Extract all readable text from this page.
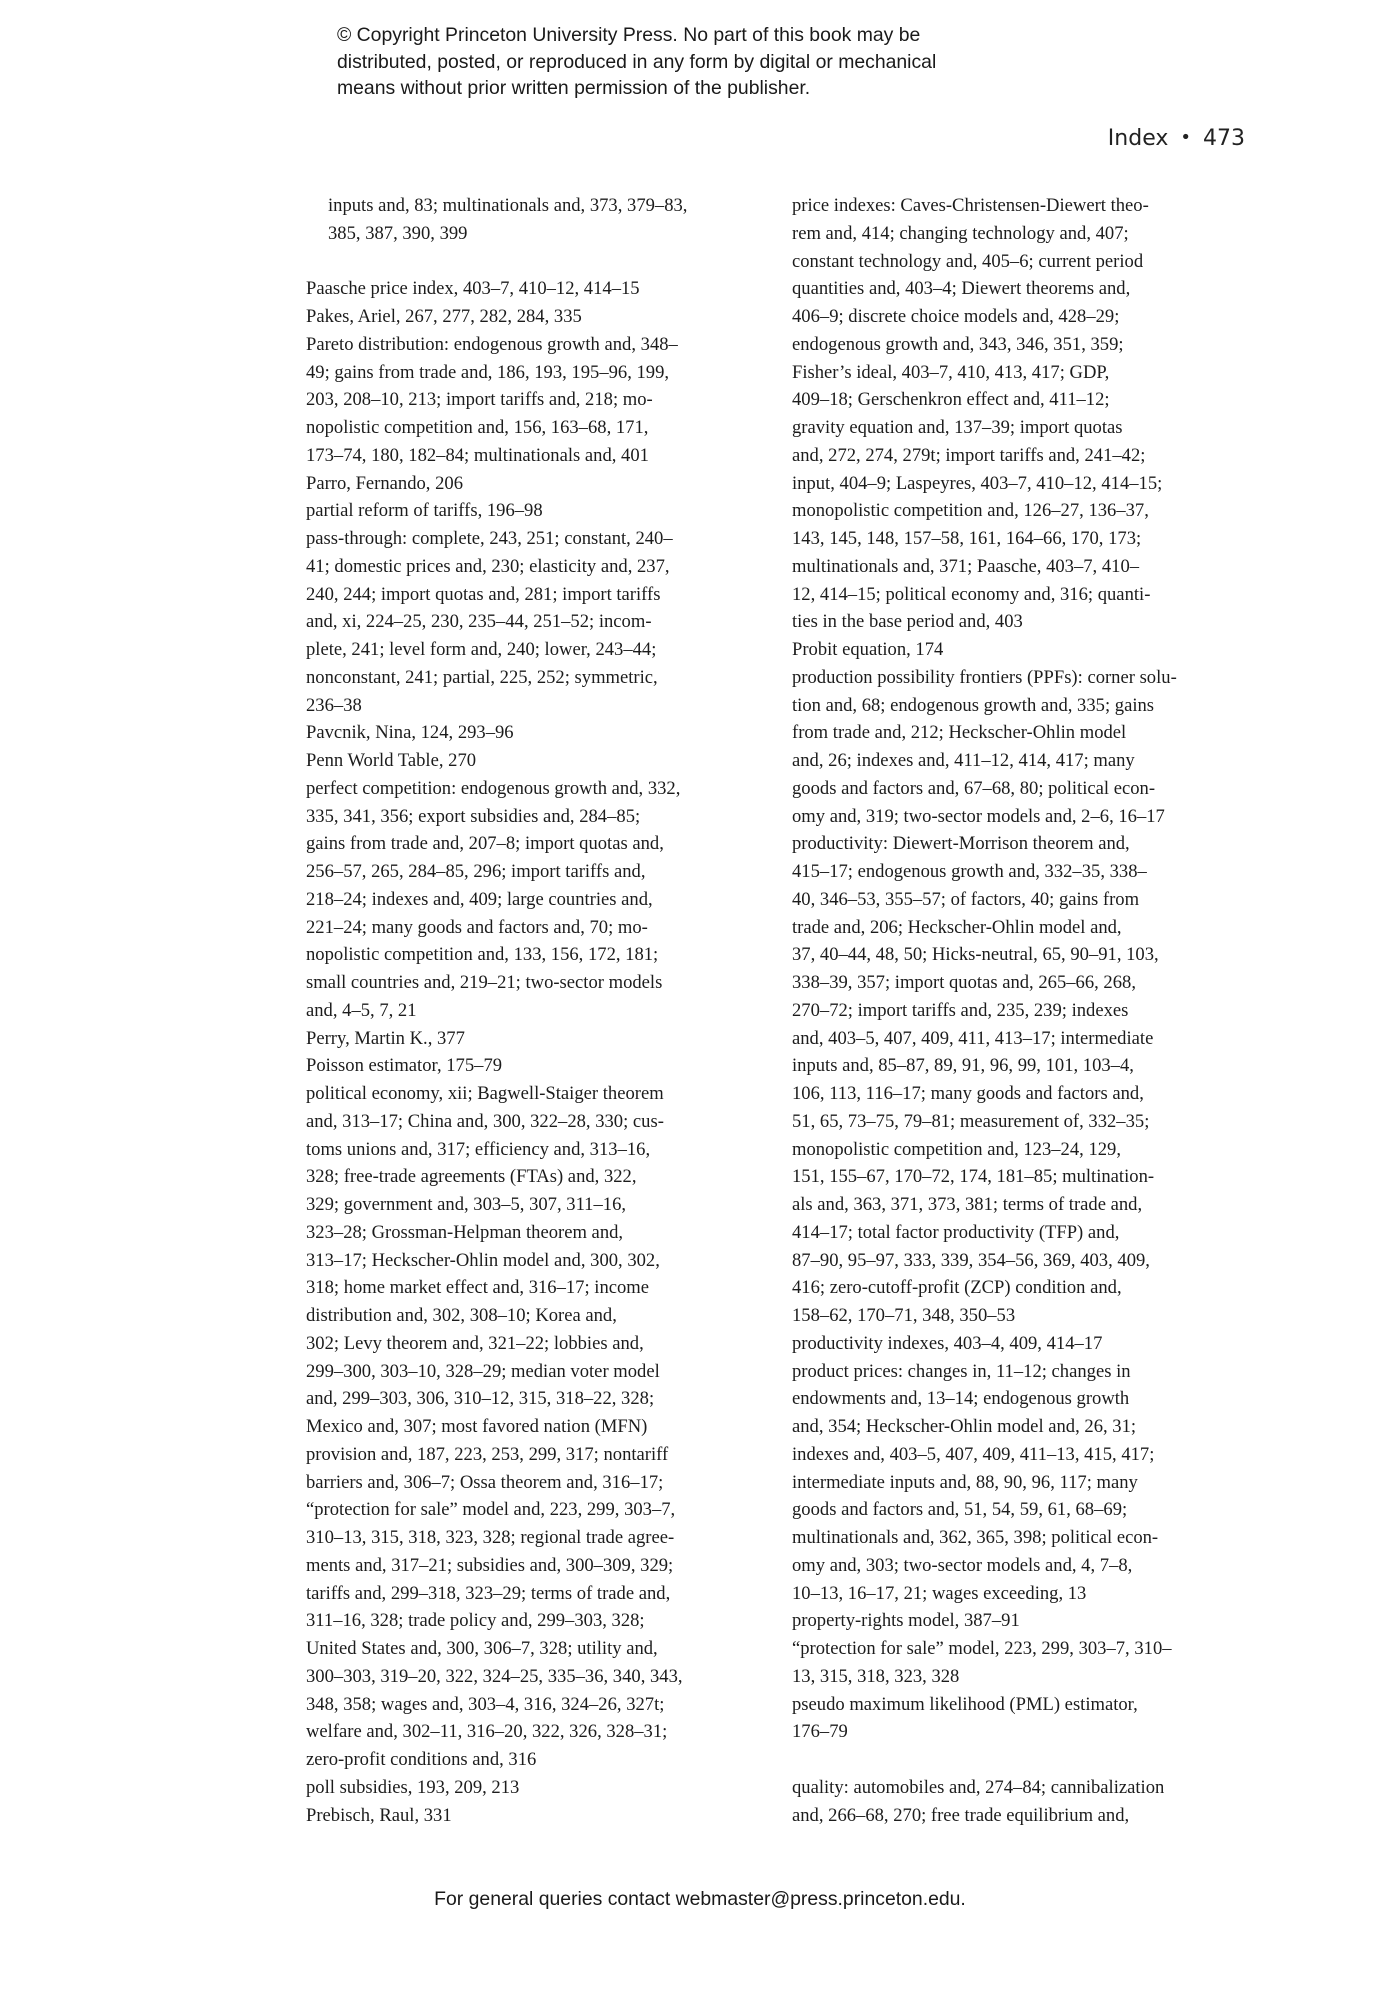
© Copyright Princeton University Press. No part of this book may be
distributed, posted, or reproduced in any form by digital or mechanical
means without prior written permission of the publisher.
Index • 473
inputs and, 83; multinationals and, 373, 379–83,
385, 387, 390, 399
Paasche price index, 403–7, 410–12, 414–15
Pakes, Ariel, 267, 277, 282, 284, 335
Pareto distribution: endogenous growth and, 348–
49; gains from trade and, 186, 193, 195–96, 199,
203, 208–10, 213; import tariffs and, 218; mo-
nopolistic competition and, 156, 163–68, 171,
173–74, 180, 182–84; multinationals and, 401
Parro, Fernando, 206
partial reform of tariffs, 196–98
pass-through: complete, 243, 251; constant, 240–
41; domestic prices and, 230; elasticity and, 237,
240, 244; import quotas and, 281; import tariffs
and, xi, 224–25, 230, 235–44, 251–52; incom-
plete, 241; level form and, 240; lower, 243–44;
nonconstant, 241; partial, 225, 252; symmetric,
236–38
Pavcnik, Nina, 124, 293–96
Penn World Table, 270
perfect competition: endogenous growth and, 332,
335, 341, 356; export subsidies and, 284–85;
gains from trade and, 207–8; import quotas and,
256–57, 265, 284–85, 296; import tariffs and,
218–24; indexes and, 409; large countries and,
221–24; many goods and factors and, 70; mo-
nopolistic competition and, 133, 156, 172, 181;
small countries and, 219–21; two-sector models
and, 4–5, 7, 21
Perry, Martin K., 377
Poisson estimator, 175–79
political economy, xii; Bagwell-Staiger theorem
and, 313–17; China and, 300, 322–28, 330; cus-
toms unions and, 317; efficiency and, 313–16,
328; free-trade agreements (FTAs) and, 322,
329; government and, 303–5, 307, 311–16,
323–28; Grossman-Helpman theorem and,
313–17; Heckscher-Ohlin model and, 300, 302,
318; home market effect and, 316–17; income
distribution and, 302, 308–10; Korea and,
302; Levy theorem and, 321–22; lobbies and,
299–300, 303–10, 328–29; median voter model
and, 299–303, 306, 310–12, 315, 318–22, 328;
Mexico and, 307; most favored nation (MFN)
provision and, 187, 223, 253, 299, 317; nontariff
barriers and, 306–7; Ossa theorem and, 316–17;
“protection for sale” model and, 223, 299, 303–7,
310–13, 315, 318, 323, 328; regional trade agree-
ments and, 317–21; subsidies and, 300–309, 329;
tariffs and, 299–318, 323–29; terms of trade and,
311–16, 328; trade policy and, 299–303, 328;
United States and, 300, 306–7, 328; utility and,
300–303, 319–20, 322, 324–25, 335–36, 340, 343,
348, 358; wages and, 303–4, 316, 324–26, 327t;
welfare and, 302–11, 316–20, 322, 326, 328–31;
zero-profit conditions and, 316
poll subsidies, 193, 209, 213
Prebisch, Raul, 331
price indexes: Caves-Christensen-Diewert theo-
rem and, 414; changing technology and, 407;
constant technology and, 405–6; current period
quantities and, 403–4; Diewert theorems and,
406–9; discrete choice models and, 428–29;
endogenous growth and, 343, 346, 351, 359;
Fisher’s ideal, 403–7, 410, 413, 417; GDP,
409–18; Gerschenkron effect and, 411–12;
gravity equation and, 137–39; import quotas
and, 272, 274, 279t; import tariffs and, 241–42;
input, 404–9; Laspeyres, 403–7, 410–12, 414–15;
monopolistic competition and, 126–27, 136–37,
143, 145, 148, 157–58, 161, 164–66, 170, 173;
multinationals and, 371; Paasche, 403–7, 410–
12, 414–15; political economy and, 316; quanti-
ties in the base period and, 403
Probit equation, 174
production possibility frontiers (PPFs): corner solu-
tion and, 68; endogenous growth and, 335; gains
from trade and, 212; Heckscher-Ohlin model
and, 26; indexes and, 411–12, 414, 417; many
goods and factors and, 67–68, 80; political econ-
omy and, 319; two-sector models and, 2–6, 16–17
productivity: Diewert-Morrison theorem and,
415–17; endogenous growth and, 332–35, 338–
40, 346–53, 355–57; of factors, 40; gains from
trade and, 206; Heckscher-Ohlin model and,
37, 40–44, 48, 50; Hicks-neutral, 65, 90–91, 103,
338–39, 357; import quotas and, 265–66, 268,
270–72; import tariffs and, 235, 239; indexes
and, 403–5, 407, 409, 411, 413–17; intermediate
inputs and, 85–87, 89, 91, 96, 99, 101, 103–4,
106, 113, 116–17; many goods and factors and,
51, 65, 73–75, 79–81; measurement of, 332–35;
monopolistic competition and, 123–24, 129,
151, 155–67, 170–72, 174, 181–85; multination-
als and, 363, 371, 373, 381; terms of trade and,
414–17; total factor productivity (TFP) and,
87–90, 95–97, 333, 339, 354–56, 369, 403, 409,
416; zero-cutoff-profit (ZCP) condition and,
158–62, 170–71, 348, 350–53
productivity indexes, 403–4, 409, 414–17
product prices: changes in, 11–12; changes in
endowments and, 13–14; endogenous growth
and, 354; Heckscher-Ohlin model and, 26, 31;
indexes and, 403–5, 407, 409, 411–13, 415, 417;
intermediate inputs and, 88, 90, 96, 117; many
goods and factors and, 51, 54, 59, 61, 68–69;
multinationals and, 362, 365, 398; political econ-
omy and, 303; two-sector models and, 4, 7–8,
10–13, 16–17, 21; wages exceeding, 13
property-rights model, 387–91
“protection for sale” model, 223, 299, 303–7, 310–
13, 315, 318, 323, 328
pseudo maximum likelihood (PML) estimator,
176–79
quality: automobiles and, 274–84; cannibalization
and, 266–68, 270; free trade equilibrium and,
For general queries contact webmaster@press.princeton.edu.
